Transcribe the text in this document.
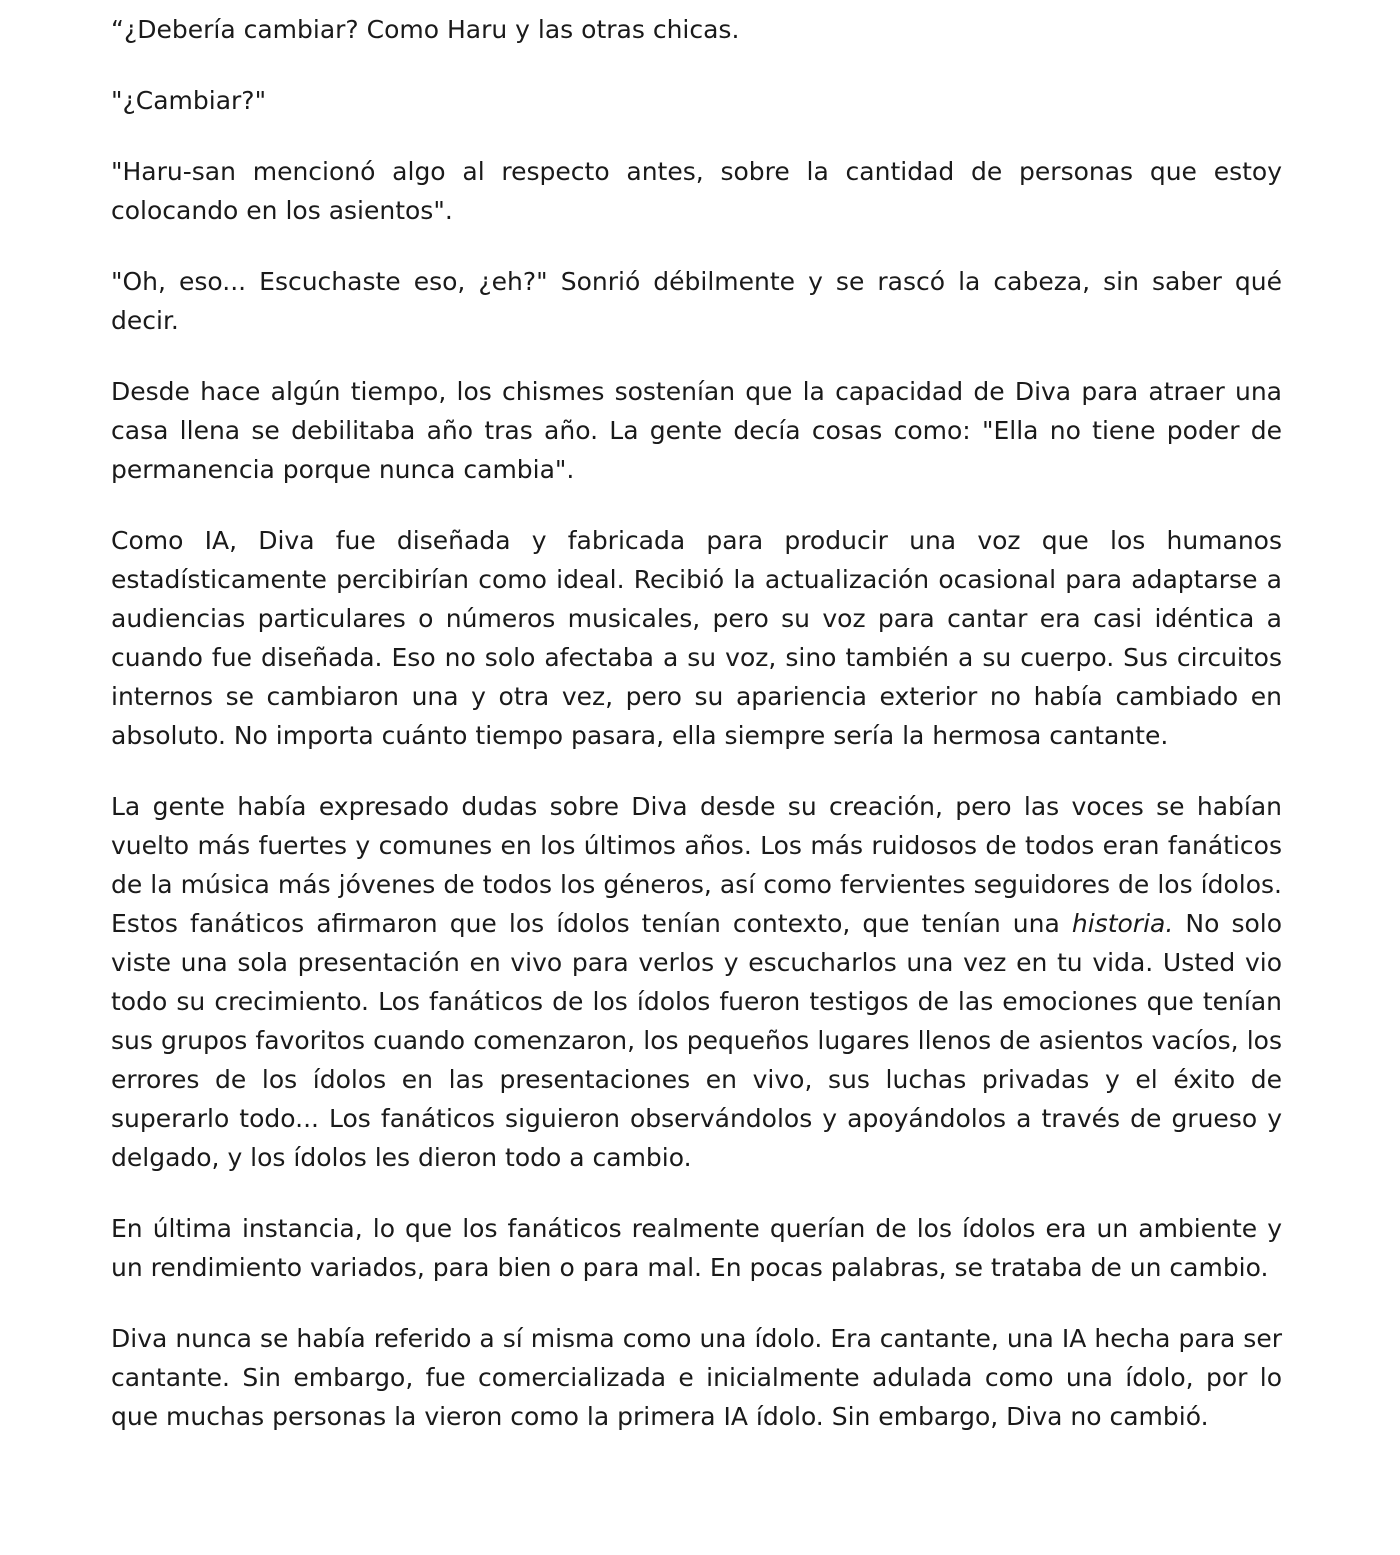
“¿Debería cambiar? Como Haru y las otras chicas.

"¿Cambiar?"

"Haru-san mencionó algo al respecto antes, sobre la cantidad de personas que estoy colocando en los asientos".

"Oh, eso... Escuchaste eso, ¿eh?" Sonrió débilmente y se rascó la cabeza, sin saber qué decir.

Desde hace algún tiempo, los chismes sostenían que la capacidad de Diva para atraer una casa llena se debilitaba año tras año. La gente decía cosas como: "Ella no tiene poder de permanencia porque nunca cambia".

Como IA, Diva fue diseñada y fabricada para producir una voz que los humanos estadísticamente percibirían como ideal. Recibió la actualización ocasional para adaptarse a audiencias particulares o números musicales, pero su voz para cantar era casi idéntica a cuando fue diseñada. Eso no solo afectaba a su voz, sino también a su cuerpo. Sus circuitos internos se cambiaron una y otra vez, pero su apariencia exterior no había cambiado en absoluto. No importa cuánto tiempo pasara, ella siempre sería la hermosa cantante.

La gente había expresado dudas sobre Diva desde su creación, pero las voces se habían vuelto más fuertes y comunes en los últimos años. Los más ruidosos de todos eran fanáticos de la música más jóvenes de todos los géneros, así como fervientes seguidores de los ídolos. Estos fanáticos afirmaron que los ídolos tenían contexto, que tenían una historia. No solo viste una sola presentación en vivo para verlos y escucharlos una vez en tu vida. Usted vio todo su crecimiento. Los fanáticos de los ídolos fueron testigos de las emociones que tenían sus grupos favoritos cuando comenzaron, los pequeños lugares llenos de asientos vacíos, los errores de los ídolos en las presentaciones en vivo, sus luchas privadas y el éxito de superarlo todo... Los fanáticos siguieron observándolos y apoyándolos a través de grueso y delgado, y los ídolos les dieron todo a cambio.

En última instancia, lo que los fanáticos realmente querían de los ídolos era un ambiente y un rendimiento variados, para bien o para mal. En pocas palabras, se trataba de un cambio.

Diva nunca se había referido a sí misma como una ídolo. Era cantante, una IA hecha para ser cantante. Sin embargo, fue comercializada e inicialmente adulada como una ídolo, por lo que muchas personas la vieron como la primera IA ídolo. Sin embargo, Diva no cambió.
